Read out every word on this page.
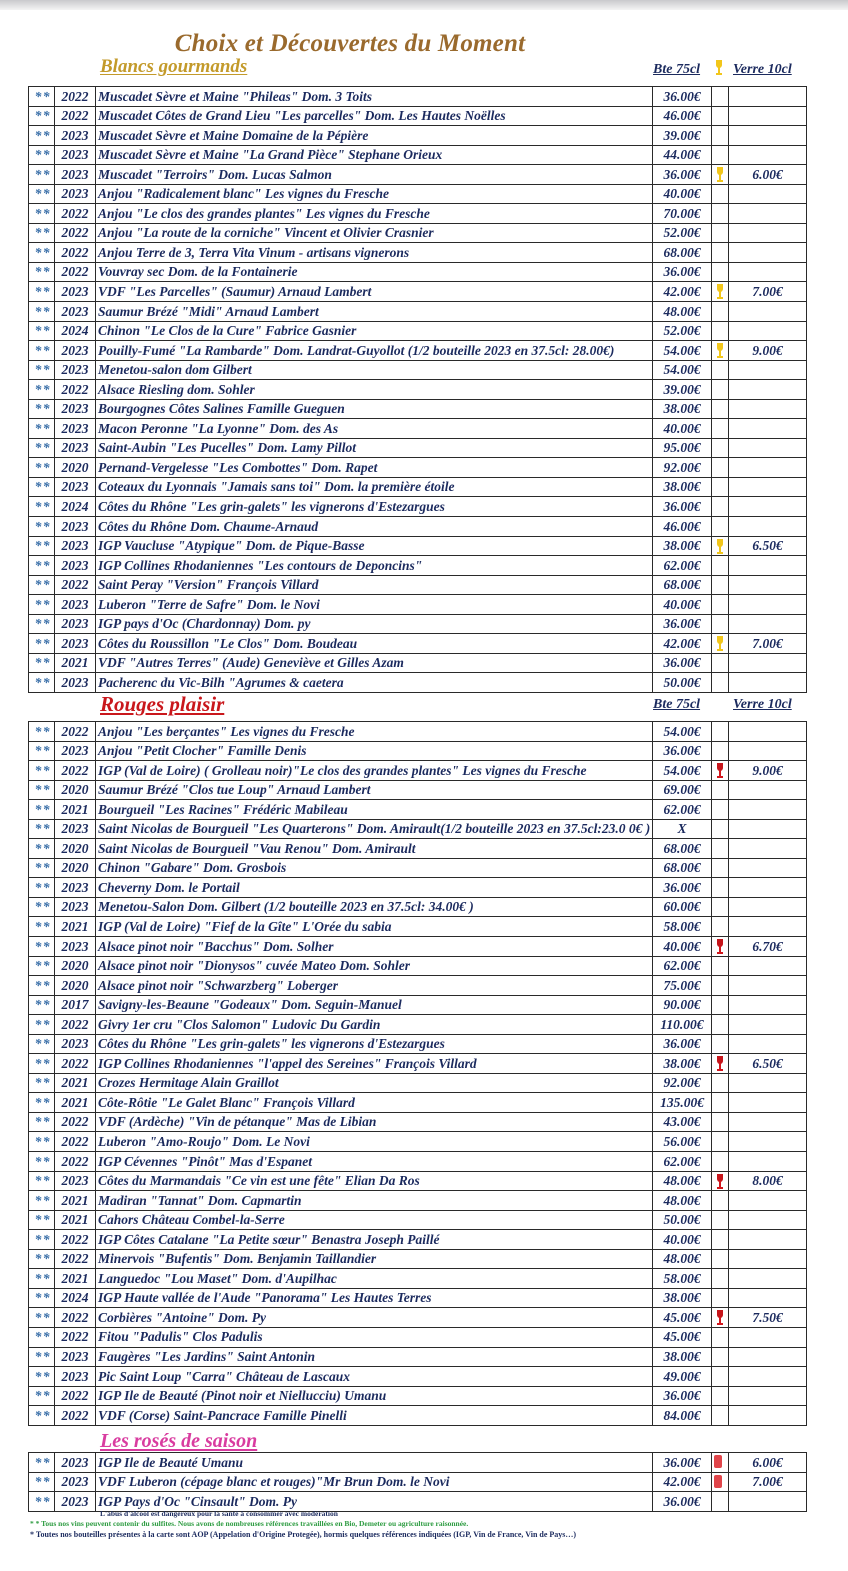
Choix et Découvertes du Moment
Blancs gourmands	Bte 75cl Verre 10cl
* *	2022	Muscadet Sèvre et Maine "Phileas" Dom. 3 Toits	36.00€		
* *	2022	Muscadet Côtes de Grand Lieu "Les parcelles" Dom. Les Hautes Noëlles	46.00€		
* *	2023	Muscadet Sèvre et Maine Domaine de la Pépière	39.00€		
* *	2023	Muscadet Sèvre et Maine "La Grand Pièce" Stephane Orieux	44.00€		
* *	2023	Muscadet "Terroirs" Dom. Lucas Salmon	36.00€		6.00€
* *	2023	Anjou "Radicalement blanc" Les vignes du Fresche	40.00€		
* *	2022	Anjou "Le clos des grandes plantes" Les vignes du Fresche	70.00€		
* *	2022	Anjou "La route de la corniche" Vincent et Olivier Crasnier	52.00€		
* *	2022	Anjou Terre de 3, Terra Vita Vinum - artisans vignerons	68.00€		
* *	2022	Vouvray sec Dom. de la Fontainerie	36.00€		
* *	2023	VDF "Les Parcelles" (Saumur) Arnaud Lambert	42.00€		7.00€
* *	2023	Saumur Brézé "Midi" Arnaud Lambert	48.00€		
* *	2024	Chinon "Le Clos de la Cure" Fabrice Gasnier	52.00€		
* *	2023	Pouilly-Fumé "La Rambarde" Dom. Landrat-Guyollot (1/2 bouteille 2023 en 37.5cl: 28.00€)	54.00€		9.00€
* *	2023	Menetou-salon dom Gilbert	54.00€		
* *	2022	Alsace Riesling dom. Sohler	39.00€		
* *	2023	Bourgognes Côtes Salines Famille Gueguen	38.00€		
* *	2023	Macon Peronne "La Lyonne" Dom. des As	40.00€		
* *	2023	Saint-Aubin "Les Pucelles" Dom. Lamy Pillot	95.00€		
* *	2020	Pernand-Vergelesse "Les Combottes" Dom. Rapet	92.00€		
* *	2023	Coteaux du Lyonnais "Jamais sans toi" Dom. la première étoile	38.00€		
* *	2024	Côtes du Rhône "Les grin-galets" les vignerons d'Estezargues	36.00€		
* *	2023	Côtes du Rhône Dom. Chaume-Arnaud	46.00€		
* *	2023	IGP Vaucluse "Atypique" Dom. de Pique-Basse	38.00€		6.50€
* *	2023	IGP Collines Rhodaniennes "Les contours de Deponcins"	62.00€		
* *	2022	Saint Peray "Version" François Villard	68.00€		
* *	2023	Luberon "Terre de Safre" Dom. le Novi	40.00€		
* *	2023	IGP pays d'Oc (Chardonnay) Dom. py	36.00€		
* *	2023	Côtes du Roussillon "Le Clos" Dom. Boudeau	42.00€		7.00€
* *	2021	VDF "Autres Terres" (Aude) Geneviève et Gilles Azam	36.00€		
* *	2023	Pacherenc du Vic-Bilh "Agrumes & caetera	50.00€		
Rouges plaisir	Bte 75cl Verre 10cl
* *	2022	Anjou "Les berçantes" Les vignes du Fresche	54.00€		
* *	2023	Anjou "Petit Clocher" Famille Denis	36.00€		
* *	2022	IGP (Val de Loire) ( Grolleau noir)"Le clos des grandes plantes" Les vignes du Fresche	54.00€		9.00€
* *	2020	Saumur Brézé "Clos tue Loup" Arnaud Lambert	69.00€		
* *	2021	Bourgueil "Les Racines" Frédéric Mabileau	62.00€		
* *	2023	Saint Nicolas de Bourgueil "Les Quarterons" Dom. Amirault(1/2 bouteille 2023 en 37.5cl:23.0 0€ )	X		
* *	2020	Saint Nicolas de Bourgueil "Vau Renou" Dom. Amirault	68.00€		
* *	2020	Chinon "Gabare" Dom. Grosbois	68.00€		
* *	2023	Cheverny Dom. le Portail	36.00€		
* *	2023	Menetou-Salon Dom. Gilbert (1/2 bouteille 2023 en 37.5cl: 34.00€ )	60.00€		
* *	2021	IGP (Val de Loire) "Fief de la Gîte" L'Orée du sabia	58.00€		
* *	2023	Alsace pinot noir "Bacchus" Dom. Solher	40.00€		6.70€
* *	2020	Alsace pinot noir "Dionysos" cuvée Mateo Dom. Sohler	62.00€		
* *	2020	Alsace pinot noir "Schwarzberg" Loberger	75.00€		
* *	2017	Savigny-les-Beaune "Godeaux" Dom. Seguin-Manuel	90.00€		
* *	2022	Givry 1er cru "Clos Salomon" Ludovic Du Gardin	110.00€		
* *	2023	Côtes du Rhône "Les grin-galets" les vignerons d'Estezargues	36.00€		
* *	2022	IGP Collines Rhodaniennes "l'appel des Sereines" François Villard	38.00€		6.50€
* *	2021	Crozes Hermitage Alain Graillot	92.00€		
* *	2021	Côte-Rôtie "Le Galet Blanc" François Villard	135.00€		
* *	2022	VDF (Ardèche) "Vin de pétanque" Mas de Libian	43.00€		
* *	2022	Luberon "Amo-Roujo" Dom. Le Novi	56.00€		
* *	2022	IGP Cévennes "Pinôt" Mas d'Espanet	62.00€		
* *	2023	Côtes du Marmandais "Ce vin est une fête" Elian Da Ros	48.00€		8.00€
* *	2021	Madiran "Tannat" Dom. Capmartin	48.00€		
* *	2021	Cahors Château Combel-la-Serre	50.00€		
* *	2022	IGP Côtes Catalane "La Petite sœur" Benastra Joseph Paillé	40.00€		
* *	2022	Minervois "Bufentis" Dom. Benjamin Taillandier	48.00€		
* *	2021	Languedoc "Lou Maset" Dom. d'Aupilhac	58.00€		
* *	2024	IGP Haute vallée de l'Aude "Panorama" Les Hautes Terres	38.00€		
* *	2022	Corbières "Antoine" Dom. Py	45.00€		7.50€
* *	2022	Fitou "Padulis" Clos Padulis	45.00€		
* *	2023	Faugères "Les Jardins" Saint Antonin	38.00€		
* *	2023	Pic Saint Loup "Carra" Château de Lascaux	49.00€		
* *	2022	IGP Ile de Beauté (Pinot noir et Niellucciu) Umanu	36.00€		
* *	2022	VDF (Corse) Saint-Pancrace Famille Pinelli	84.00€		
Les rosés de saison
* *	2023	IGP Ile de Beauté Umanu	36.00€		6.00€
* *	2023	VDF Luberon (cépage blanc et rouges)"Mr Brun Dom. le Novi	42.00€		7.00€
* *	2023	IGP Pays d'Oc "Cinsault" Dom. Py	36.00€		
L'abus d'alcool est dangereux pour la santé à consommer avec modération
* * Tous nos vins peuvent contenir du sulfites. Nous avons de nombreuses références travaillées en Bio, Demeter ou agriculture raisonnée.
* Toutes nos bouteilles présentes à la carte sont AOP (Appelation d'Origine Protegée), hormis quelques références indiquées (IGP, Vin de France, Vin de Pays…)
